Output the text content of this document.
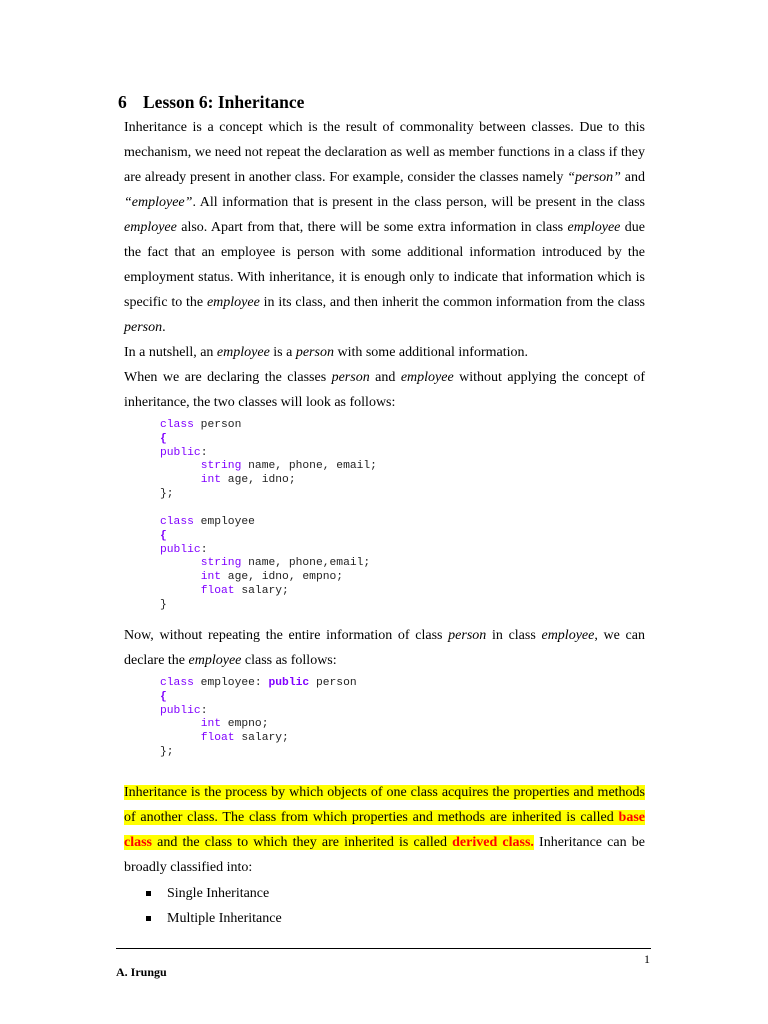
6 Lesson 6: Inheritance

Inheritance is a concept which is the result of commonality between classes. Due to this mechanism, we need not repeat the declaration as well as member functions in a class if they are already present in another class. For example, consider the classes namely “person” and “employee”. All information that is present in the class person, will be present in the class employee also. Apart from that, there will be some extra information in class employee due the fact that an employee is person with some additional information introduced by the employment status. With inheritance, it is enough only to indicate that information which is specific to the employee in its class, and then inherit the common information from the class person.

In a nutshell, an employee is a person with some additional information.

When we are declaring the classes person and employee without applying the concept of inheritance, the two classes will look as follows:

class person
{
public:
string name, phone, email;
int age, idno;
};
class employee
{
public:
string name, phone,email;
int age, idno, empno;
float salary;
}

Now, without repeating the entire information of class person in class employee, we can declare the employee class as follows:

class employee: public person
{
public:
int empno;
float salary;
};

Inheritance is the process by which objects of one class acquires the properties and methods of another class. The class from which properties and methods are inherited is called base class and the class to which they are inherited is called derived class. Inheritance can be broadly classified into:

Single Inheritance
Multiple Inheritance
1
A. Irungu
